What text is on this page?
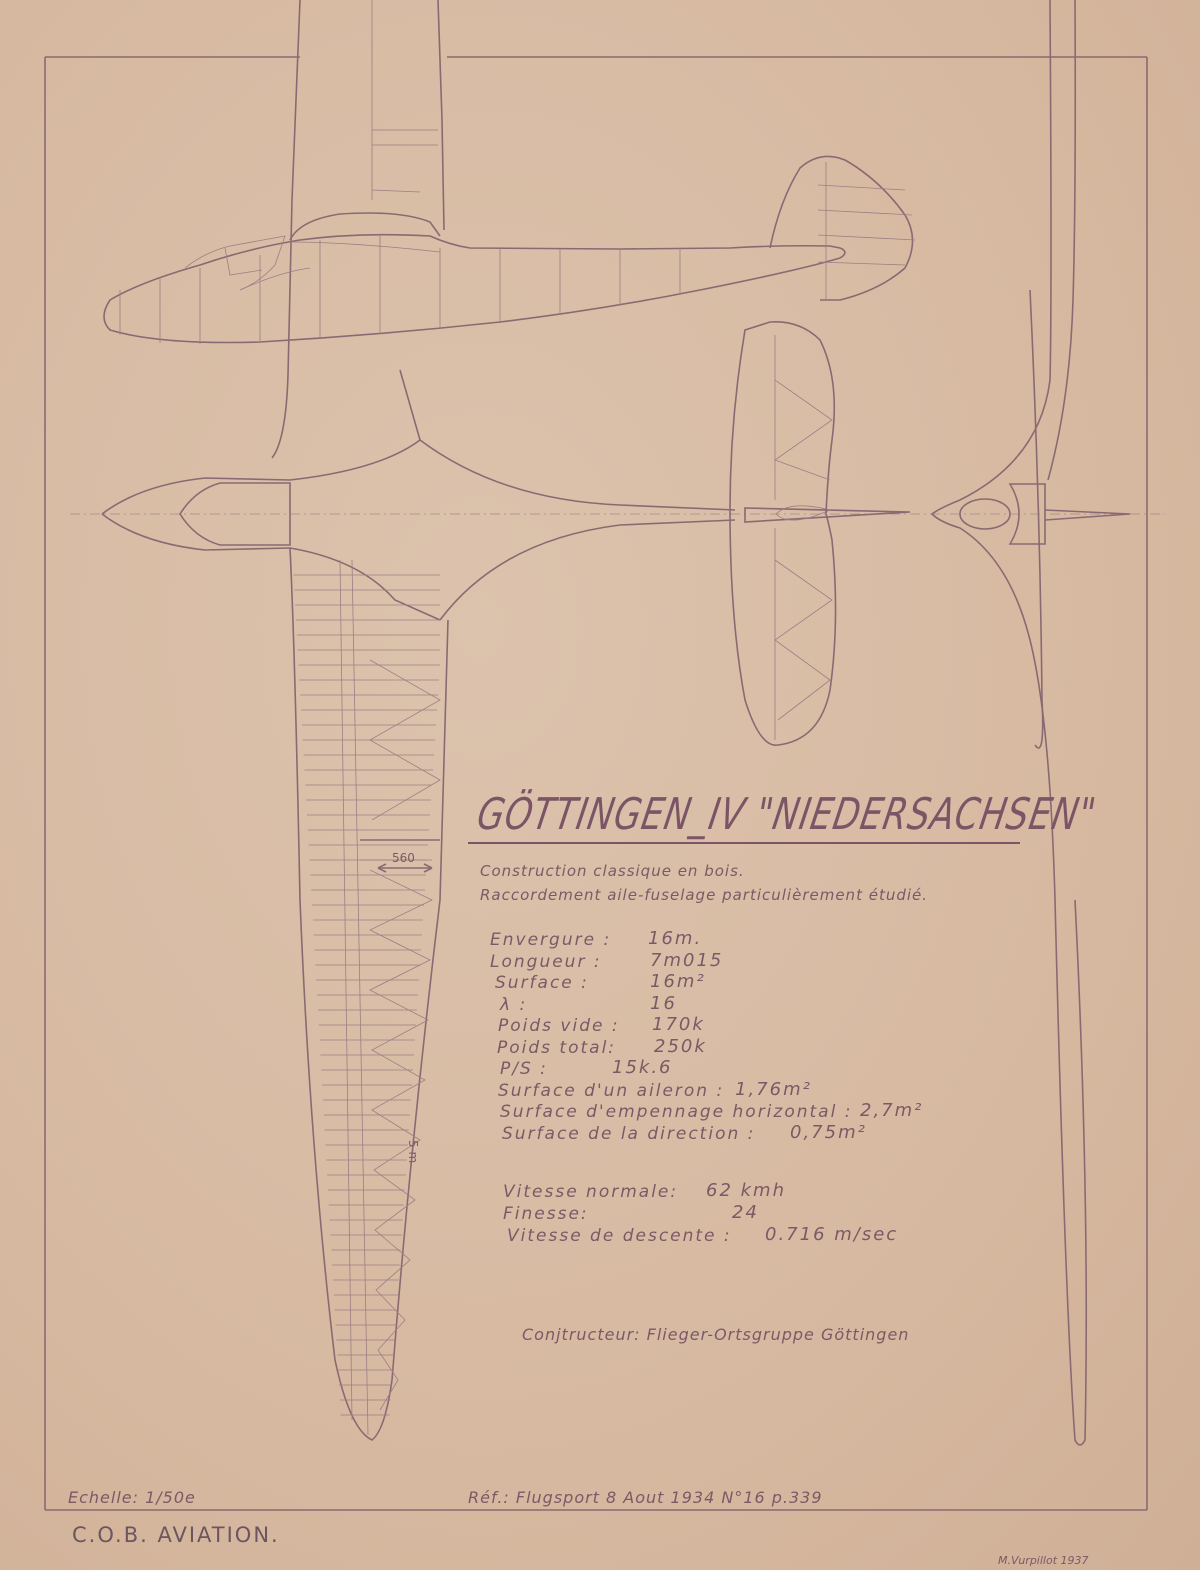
GÖTTINGEN_IV "NIEDERSACHSEN"
Construction classique en bois.
Raccordement aile-fuselage particulièrement étudié.
Envergure : 16m.
Longueur :	7m015
Surface :	16m²
λ :	16
Poids vide : 170k
Poids total: 250k
P/S :	15k.6
Surface d'un aileron : 1,76m²
Surface d'empennage horizontal : 2,7m²
Surface de la direction : 0,75m²
Vitesse normale: 62 kmh
Finesse:	24
Vitesse de descente : 0.716 m/sec
Conjtructeur: Flieger-Ortsgruppe Göttingen
560
5 m
Echelle: 1/50e	Réf.: Flugsport 8 Aout 1934 N°16 p.339
C.O.B. AVIATION.
M.Vurpillot 1937
